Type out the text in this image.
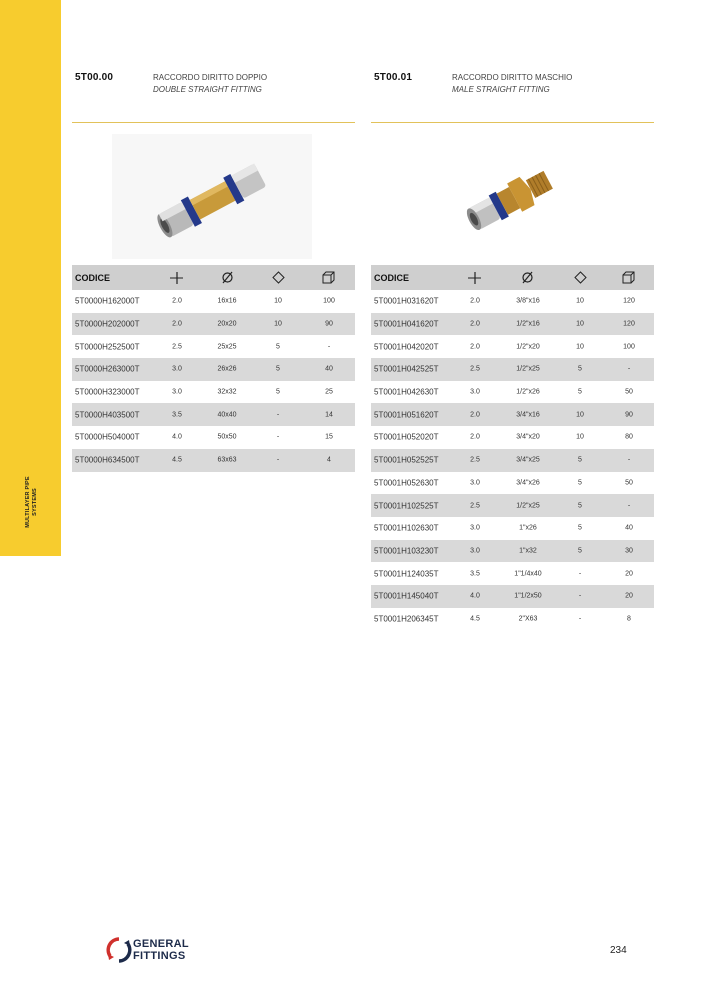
MULTILAYER PIPE SYSTEMS
5T00.00	RACCORDO DIRITTO DOPPIO
DOUBLE STRAIGHT FITTING
CODICE
5T0000H162000T	2.0	16x16	10	100
5T0000H202000T	2.0	20x20	10	90
5T0000H252500T	2.5	25x25	5	-
5T0000H263000T	3.0	26x26	5	40
5T0000H323000T	3.0	32x32	5	25
5T0000H403500T	3.5	40x40	-	14
5T0000H504000T	4.0	50x50	-	15
5T0000H634500T	4.5	63x63	-	4
5T00.01	RACCORDO DIRITTO MASCHIO
MALE STRAIGHT FITTING
CODICE
5T0001H031620T	2.0	3/8"x16	10	120
5T0001H041620T	2.0	1/2"x16	10	120
5T0001H042020T	2.0	1/2"x20	10	100
5T0001H042525T	2.5	1/2"x25	5	-
5T0001H042630T	3.0	1/2"x26	5	50
5T0001H051620T	2.0	3/4"x16	10	90
5T0001H052020T	2.0	3/4"x20	10	80
5T0001H052525T	2.5	3/4"x25	5	-
5T0001H052630T	3.0	3/4"x26	5	50
5T0001H102525T	2.5	1/2"x25	5	-
5T0001H102630T	3.0	1"x26	5	40
5T0001H103230T	3.0	1"x32	5	30
5T0001H124035T	3.5	1"1/4x40	-	20
5T0001H145040T	4.0	1"1/2x50	-	20
5T0001H206345T	4.5	2"X63	-	8
GENERAL
FITTINGS	234
